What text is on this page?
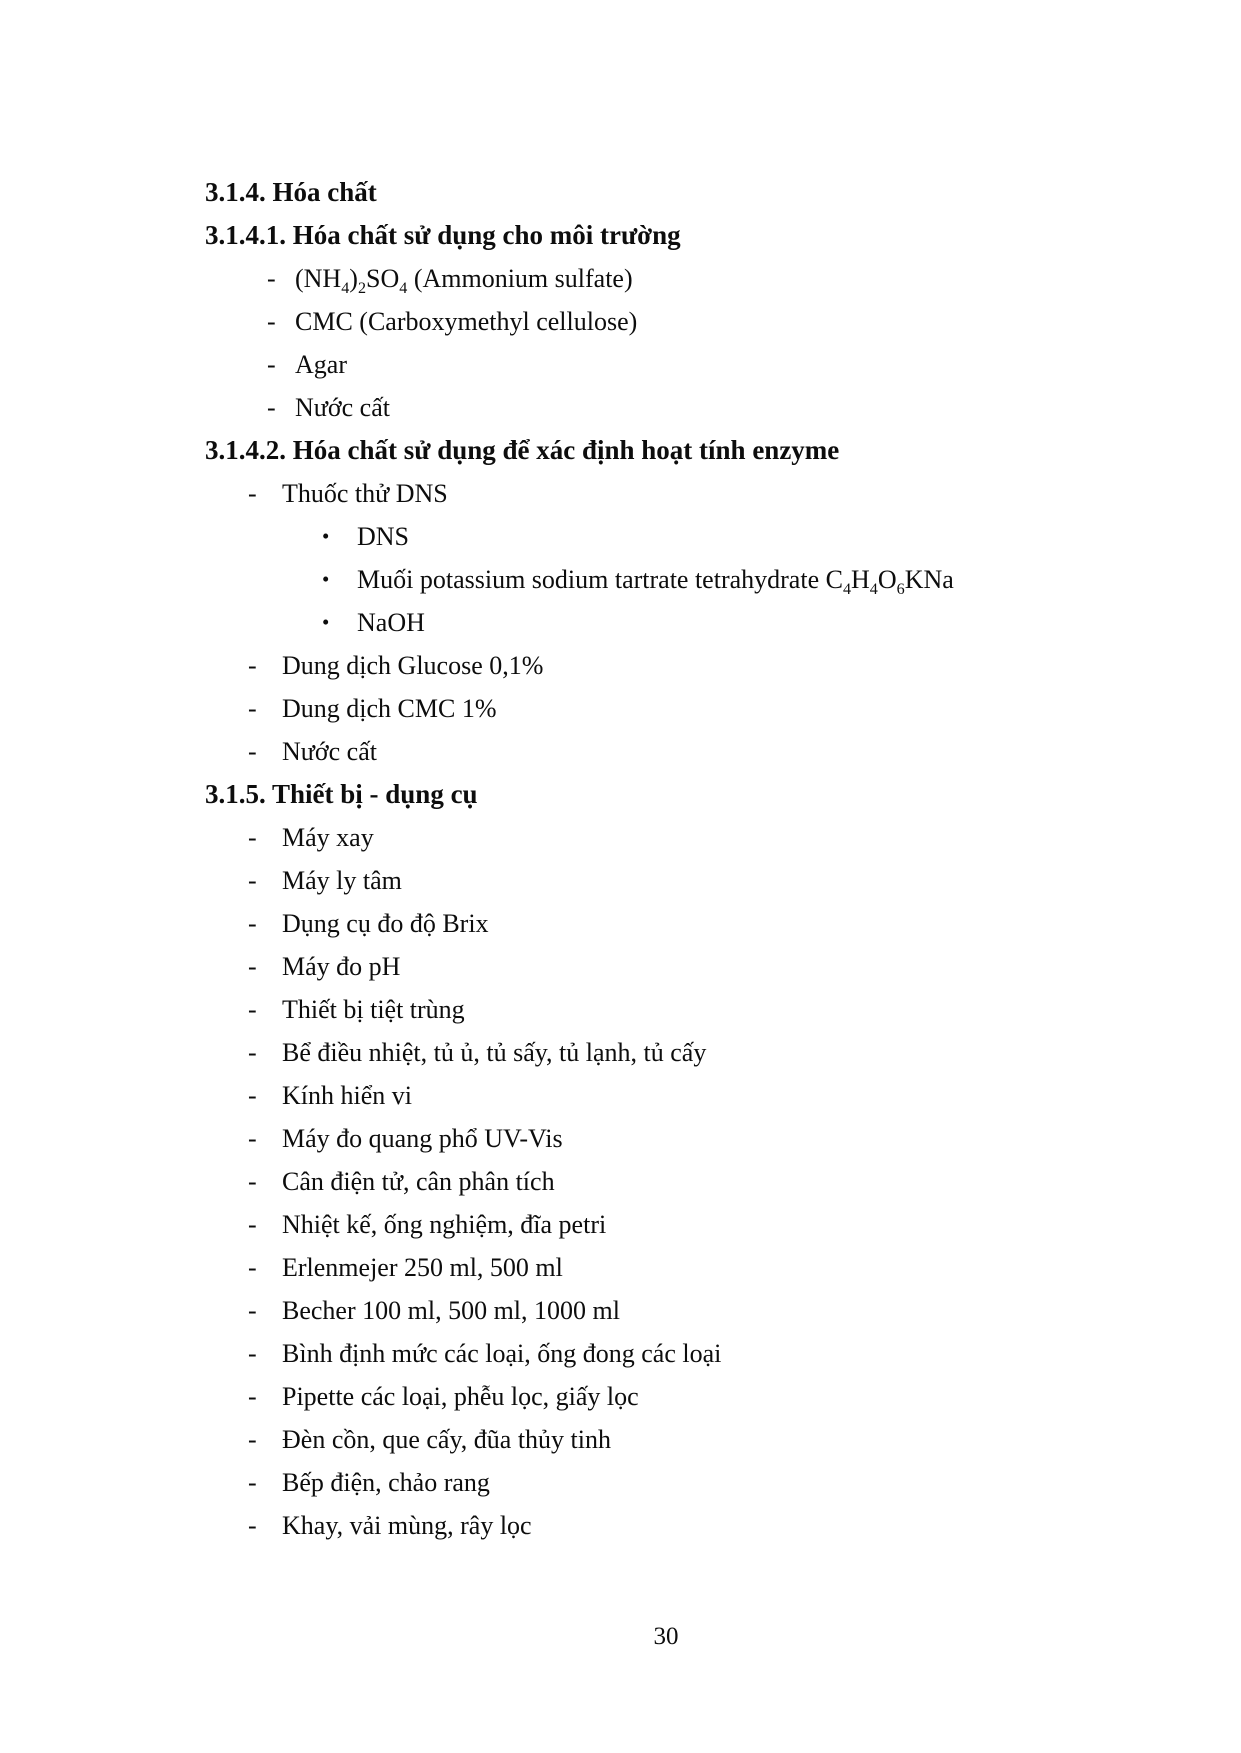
3.1.4. Hóa chất
3.1.4.1. Hóa chất sử dụng cho môi trường
- $(NH_4)_2SO_4$ (Ammonium sulfate)
- CMC (Carboxymethyl cellulose)
- Agar
- Nước cất
3.1.4.2. Hóa chất sử dụng để xác định hoạt tính enzyme
- Thuốc thử DNS
•	DNS
•	Muối potassium sodium tartrate tetrahydrate $C_4H_4O_6KNa$
•	NaOH
- Dung dịch Glucose 0,1%
- Dung dịch CMC 1%
- Nước cất
3.1.5. Thiết bị - dụng cụ
- Máy xay
- Máy ly tâm
- Dụng cụ đo độ Brix
- Máy đo pH
- Thiết bị tiệt trùng
- Bể điều nhiệt, tủ ủ, tủ sấy, tủ lạnh, tủ cấy
- Kính hiển vi
- Máy đo quang phổ UV-Vis
- Cân điện tử, cân phân tích
- Nhiệt kế, ống nghiệm, đĩa petri
- Erlenmejer 250 ml, 500 ml
- Becher 100 ml, 500 ml, 1000 ml
- Bình định mức các loại, ống đong các loại
- Pipette các loại, phễu lọc, giấy lọc
- Đèn cồn, que cấy, đũa thủy tinh
- Bếp điện, chảo rang
- Khay, vải mùng, rây lọc
30
